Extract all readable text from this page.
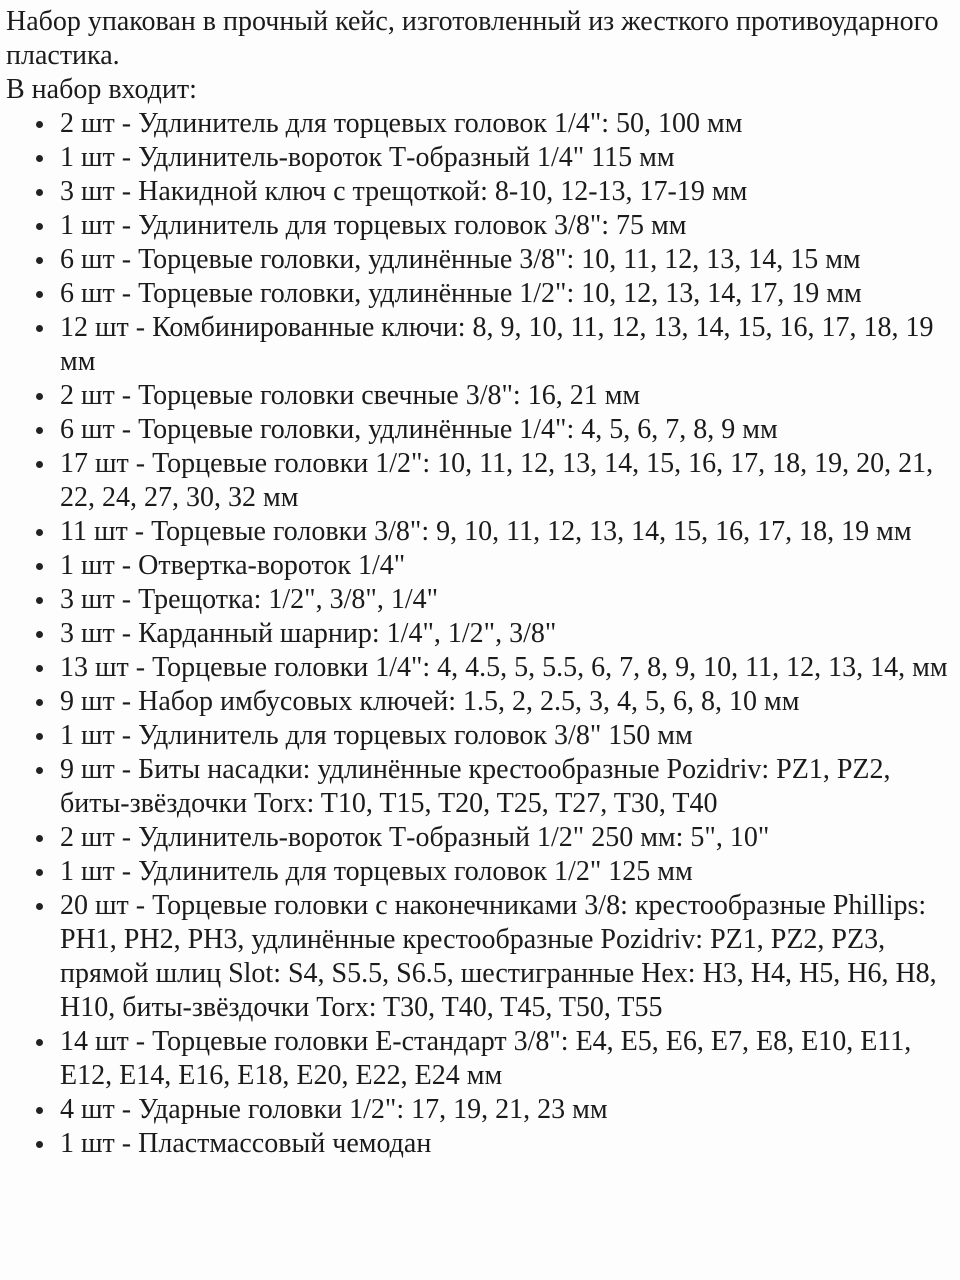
Набор упакован в прочный кейс, изготовленный из жесткого противоударного пластика.

В набор входит:

2 шт - Удлинитель для торцевых головок 1/4": 50, 100 мм
1 шт - Удлинитель-вороток Т-образный 1/4" 115 мм
3 шт - Накидной ключ с трещоткой: 8-10, 12-13, 17-19 мм
1 шт - Удлинитель для торцевых головок 3/8": 75 мм
6 шт - Торцевые головки, удлинённые 3/8": 10, 11, 12, 13, 14, 15 мм
6 шт - Торцевые головки, удлинённые 1/2": 10, 12, 13, 14, 17, 19 мм
12 шт - Комбинированные ключи: 8, 9, 10, 11, 12, 13, 14, 15, 16, 17, 18, 19 мм
2 шт - Торцевые головки свечные 3/8": 16, 21 мм
6 шт - Торцевые головки, удлинённые 1/4": 4, 5, 6, 7, 8, 9 мм
17 шт - Торцевые головки 1/2": 10, 11, 12, 13, 14, 15, 16, 17, 18, 19, 20, 21, 22, 24, 27, 30, 32 мм
11 шт - Торцевые головки 3/8": 9, 10, 11, 12, 13, 14, 15, 16, 17, 18, 19 мм
1 шт - Отвертка-вороток 1/4"
3 шт - Трещотка: 1/2", 3/8", 1/4"
3 шт - Карданный шарнир: 1/4", 1/2", 3/8"
13 шт - Торцевые головки 1/4": 4, 4.5, 5, 5.5, 6, 7, 8, 9, 10, 11, 12, 13, 14, мм
9 шт - Набор имбусовых ключей: 1.5, 2, 2.5, 3, 4, 5, 6, 8, 10 мм
1 шт - Удлинитель для торцевых головок 3/8" 150 мм
9 шт - Биты насадки: удлинённые крестообразные Pozidriv: PZ1, PZ2, биты-звёздочки Torx: T10, T15, T20, T25, T27, T30, T40
2 шт - Удлинитель-вороток Т-образный 1/2" 250 мм: 5", 10"
1 шт - Удлинитель для торцевых головок 1/2" 125 мм
20 шт - Торцевые головки с наконечниками 3/8: крестообразные Phillips: PH1, PH2, PH3, удлинённые крестообразные Pozidriv: PZ1, PZ2, PZ3, прямой шлиц Slot: S4, S5.5, S6.5, шестигранные Hex: H3, H4, H5, H6, H8, H10, биты-звёздочки Torx: T30, T40, T45, T50, T55
14 шт - Торцевые головки Е-стандарт 3/8": E4, E5, E6, E7, E8, E10, E11, E12, E14, E16, E18, E20, E22, E24 мм
4 шт - Ударные головки 1/2": 17, 19, 21, 23 мм
1 шт - Пластмассовый чемодан
